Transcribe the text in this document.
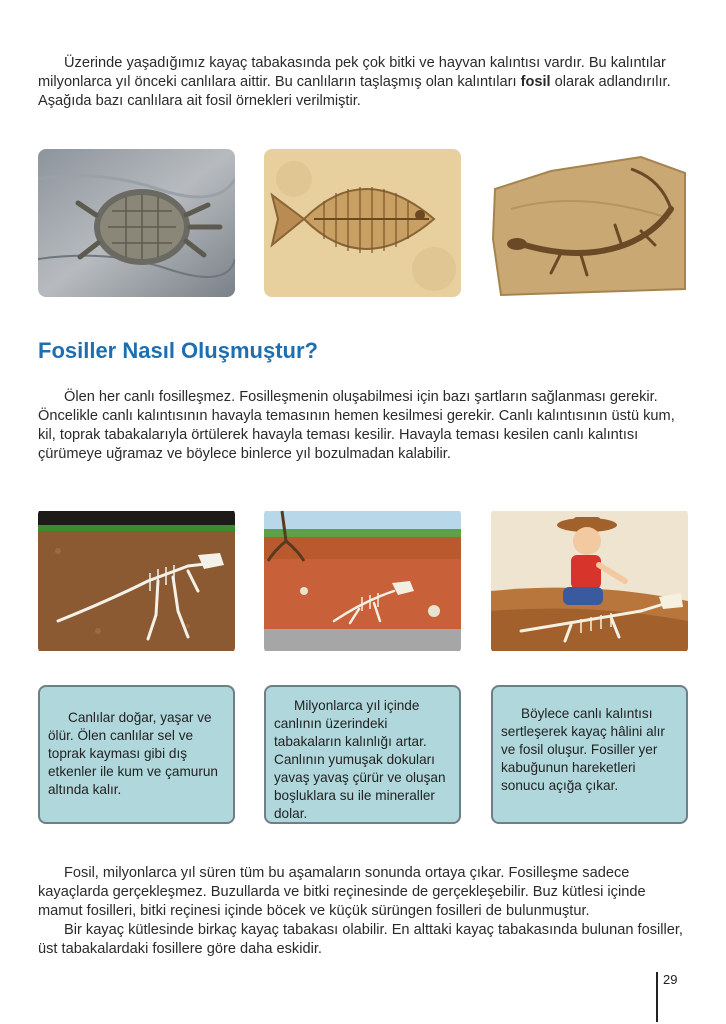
Üzerinde yaşadığımız kayaç tabakasında pek çok bitki ve hayvan kalıntısı vardır. Bu kalıntılar milyonlarca yıl önceki canlılara aittir. Bu canlıların taşlaşmış olan kalıntıları fosil olarak adlandırılır. Aşağıda bazı canlılara ait fosil örnekleri verilmiştir.

Fosiller Nasıl Oluşmuştur?

Ölen her canlı fosilleşmez. Fosilleşmenin oluşabilmesi için bazı şartların sağlanması gerekir. Öncelikle canlı kalıntısının havayla temasının hemen kesilmesi gerekir. Canlı kalıntısının üstü kum, kil, toprak tabakalarıyla örtülerek havayla teması kesilir. Havayla teması kesilen canlı kalıntısı çürümeye uğramaz ve böylece binlerce yıl bozulmadan kalabilir.

Canlılar doğar, yaşar ve ölür. Ölen canlılar sel ve toprak kayması gibi dış etkenler ile kum ve çamurun altında kalır.

Milyonlarca yıl içinde canlının üzerindeki tabakaların kalınlığı artar. Canlının yumuşak dokuları yavaş yavaş çürür ve oluşan boşluklara su ile mineraller dolar.

Böylece canlı kalıntısı sertleşerek kayaç hâlini alır ve fosil oluşur. Fosiller yer kabuğunun hareketleri sonucu açığa çıkar.

Fosil, milyonlarca yıl süren tüm bu aşamaların sonunda ortaya çıkar. Fosilleşme sadece kayaçlarda gerçekleşmez. Buzullarda ve bitki reçinesinde de gerçekleşebilir. Buz kütlesi içinde mamut fosilleri, bitki reçinesi içinde böcek ve küçük sürüngen fosilleri de bulunmuştur.

Bir kayaç kütlesinde birkaç kayaç tabakası olabilir. En alttaki kayaç tabakasında bulunan fosiller, üst tabakalardaki fosillere göre daha eskidir.

29
